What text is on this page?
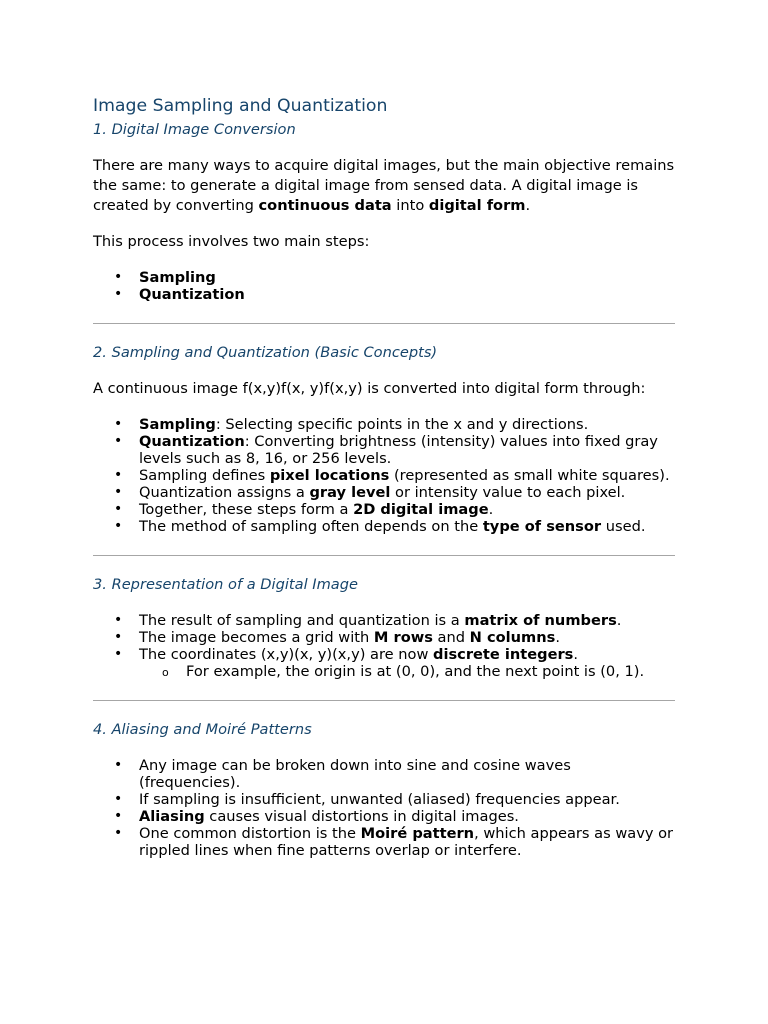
Image Sampling and Quantization
1. Digital Image Conversion

There are many ways to acquire digital images, but the main objective remains the same: to generate a digital image from sensed data. A digital image is created by converting continuous data into digital form.

This process involves two main steps:

• Sampling
• Quantization
2. Sampling and Quantization (Basic Concepts)

A continuous image f(x,y)f(x, y)f(x,y) is converted into digital form through:

• Sampling: Selecting specific points in the x and y directions.
• Quantization: Converting brightness (intensity) values into fixed gray levels such as 8, 16, or 256 levels.
• Sampling defines pixel locations (represented as small white squares).
• Quantization assigns a gray level or intensity value to each pixel.
• Together, these steps form a 2D digital image.
• The method of sampling often depends on the type of sensor used.
3. Representation of a Digital Image
• The result of sampling and quantization is a matrix of numbers.
• The image becomes a grid with M rows and N columns.
• The coordinates (x,y)(x, y)(x,y) are now discrete integers.
o For example, the origin is at (0, 0), and the next point is (0, 1).
4. Aliasing and Moiré Patterns
• Any image can be broken down into sine and cosine waves (frequencies).
• If sampling is insufficient, unwanted (aliased) frequencies appear.
• Aliasing causes visual distortions in digital images.
• One common distortion is the Moiré pattern, which appears as wavy or rippled lines when fine patterns overlap or interfere.
